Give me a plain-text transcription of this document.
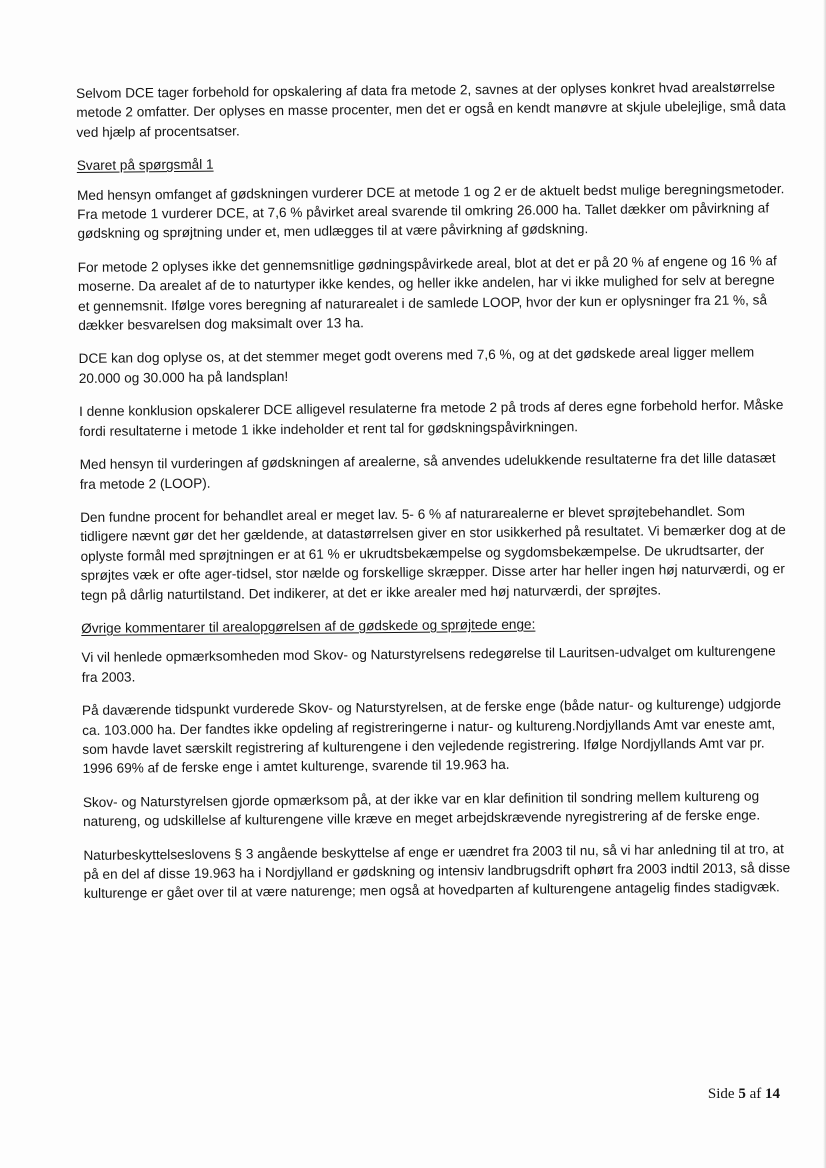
Selvom DCE tager forbehold for opskalering af data fra metode 2, savnes at der oplyses konkret hvad arealstørrelse metode 2 omfatter. Der oplyses en masse procenter, men det er også en kendt manøvre at skjule ubelejlige, små data ved hjælp af procentsatser.

Svaret på spørgsmål 1

Med hensyn omfanget af gødskningen vurderer DCE at metode 1 og 2 er de aktuelt bedst mulige beregningsmetoder. Fra metode 1 vurderer DCE, at 7,6 % påvirket areal svarende til omkring 26.000 ha. Tallet dækker om påvirkning af gødskning og sprøjtning under et, men udlægges til at være påvirkning af gødskning.

For metode 2 oplyses ikke det gennemsnitlige gødningspåvirkede areal, blot at det er på 20 % af engene og 16 % af moserne. Da arealet af de to naturtyper ikke kendes, og heller ikke andelen, har vi ikke mulighed for selv at beregne et gennemsnit. Ifølge vores beregning af naturarealet i de samlede LOOP, hvor der kun er oplysninger fra 21 %, så dækker besvarelsen dog maksimalt over 13 ha.

DCE kan dog oplyse os, at det stemmer meget godt overens med 7,6 %, og at det gødskede areal ligger mellem 20.000 og 30.000 ha på landsplan!

I denne konklusion opskalerer DCE alligevel resulaterne fra metode 2 på trods af deres egne forbehold herfor. Måske fordi resultaterne i metode 1 ikke indeholder et rent tal for gødskningspåvirkningen.

Med hensyn til vurderingen af gødskningen af arealerne, så anvendes udelukkende resultaterne fra det lille datasæt fra metode 2 (LOOP).

Den fundne procent for behandlet areal er meget lav. 5- 6 % af naturarealerne er blevet sprøjtebehandlet. Som tidligere nævnt gør det her gældende, at datastørrelsen giver en stor usikkerhed på resultatet. Vi bemærker dog at de oplyste formål med sprøjtningen er at 61 % er ukrudtsbekæmpelse og sygdomsbekæmpelse. De ukrudtsarter, der sprøjtes væk er ofte ager-tidsel, stor nælde og forskellige skræpper. Disse arter har heller ingen høj naturværdi, og er tegn på dårlig naturtilstand. Det indikerer, at det er ikke arealer med høj naturværdi, der sprøjtes.

Øvrige kommentarer til arealopgørelsen af de gødskede og sprøjtede enge:

Vi vil henlede opmærksomheden mod Skov- og Naturstyrelsens redegørelse til Lauritsen-udvalget om kulturengene fra 2003.

På daværende tidspunkt vurderede Skov- og Naturstyrelsen, at de ferske enge (både natur- og kulturenge) udgjorde ca. 103.000 ha. Der fandtes ikke opdeling af registreringerne i natur- og kultureng.Nordjyllands Amt var eneste amt, som havde lavet særskilt registrering af kulturengene i den vejledende registrering. Ifølge Nordjyllands Amt var pr. 1996 69% af de ferske enge i amtet kulturenge, svarende til 19.963 ha.

Skov- og Naturstyrelsen gjorde opmærksom på, at der ikke var en klar definition til sondring mellem kultureng og natureng, og udskillelse af kulturengene ville kræve en meget arbejdskrævende nyregistrering af de ferske enge.

Naturbeskyttelseslovens § 3 angående beskyttelse af enge er uændret fra 2003 til nu, så vi har anledning til at tro, at på en del af disse 19.963 ha i Nordjylland er gødskning og intensiv landbrugsdrift ophørt fra 2003 indtil 2013, så disse kulturenge er gået over til at være naturenge; men også at hovedparten af kulturengene antagelig findes stadigvæk.

Side 5 af 14
